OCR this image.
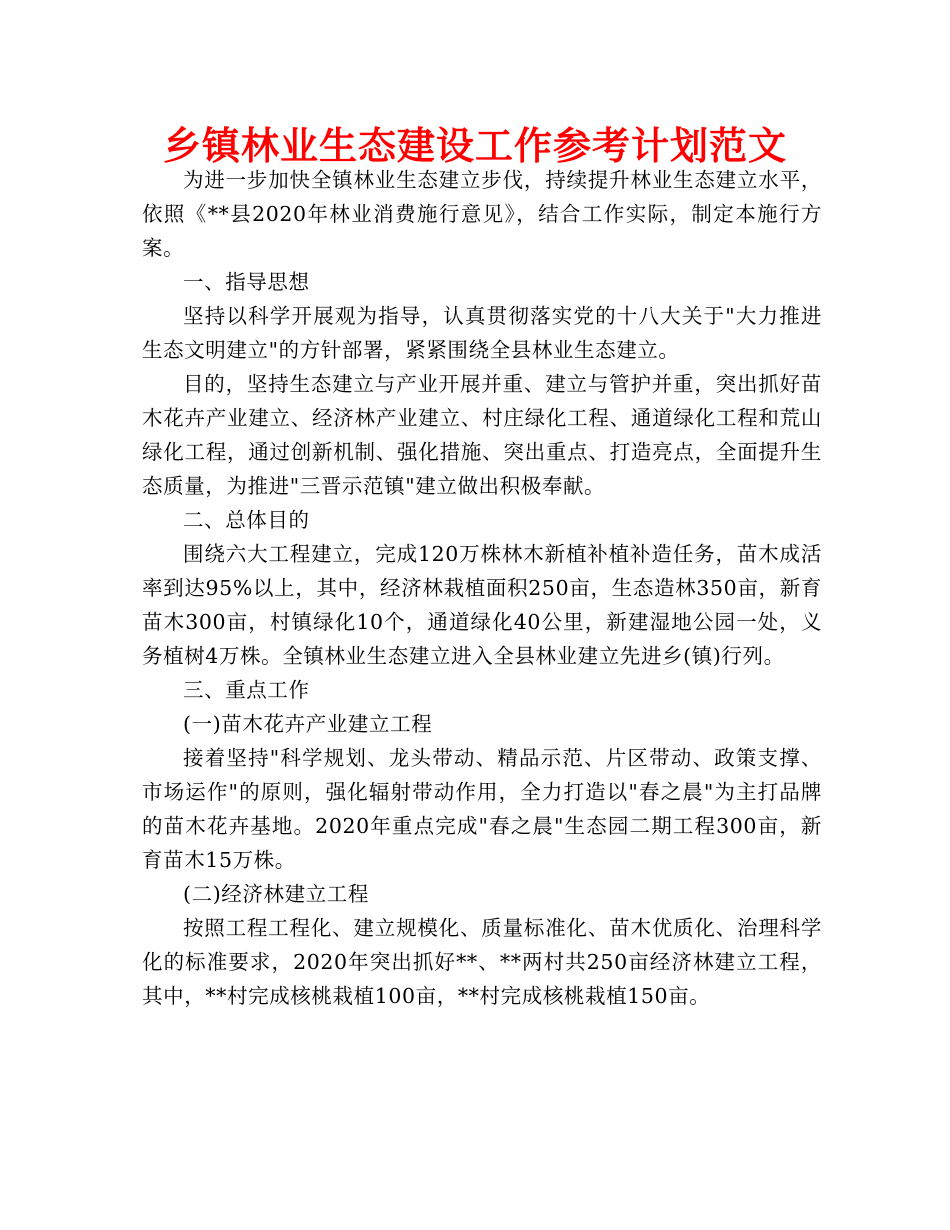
乡镇林业生态建设工作参考计划范文

为进一步加快全镇林业生态建立步伐，持续提升林业生态建立水平，依照《**县2020年林业消费施行意见》，结合工作实际，制定本施行方案。

一、指导思想

坚持以科学开展观为指导，认真贯彻落实党的十八大关于"大力推进生态文明建立"的方针部署，紧紧围绕全县林业生态建立。

目的，坚持生态建立与产业开展并重、建立与管护并重，突出抓好苗木花卉产业建立、经济林产业建立、村庄绿化工程、通道绿化工程和荒山绿化工程，通过创新机制、强化措施、突出重点、打造亮点，全面提升生态质量，为推进"三晋示范镇"建立做出积极奉献。

二、总体目的

围绕六大工程建立，完成120万株林木新植补植补造任务，苗木成活率到达95%以上，其中，经济林栽植面积250亩，生态造林350亩，新育苗木300亩，村镇绿化10个，通道绿化40公里，新建湿地公园一处，义务植树4万株。全镇林业生态建立进入全县林业建立先进乡(镇)行列。

三、重点工作

(一)苗木花卉产业建立工程

接着坚持"科学规划、龙头带动、精品示范、片区带动、政策支撑、市场运作"的原则，强化辐射带动作用，全力打造以"春之晨"为主打品牌的苗木花卉基地。2020年重点完成"春之晨"生态园二期工程300亩，新育苗木15万株。

(二)经济林建立工程

按照工程工程化、建立规模化、质量标准化、苗木优质化、治理科学化的标准要求，2020年突出抓好**、**两村共250亩经济林建立工程，其中，**村完成核桃栽植100亩，**村完成核桃栽植150亩。
